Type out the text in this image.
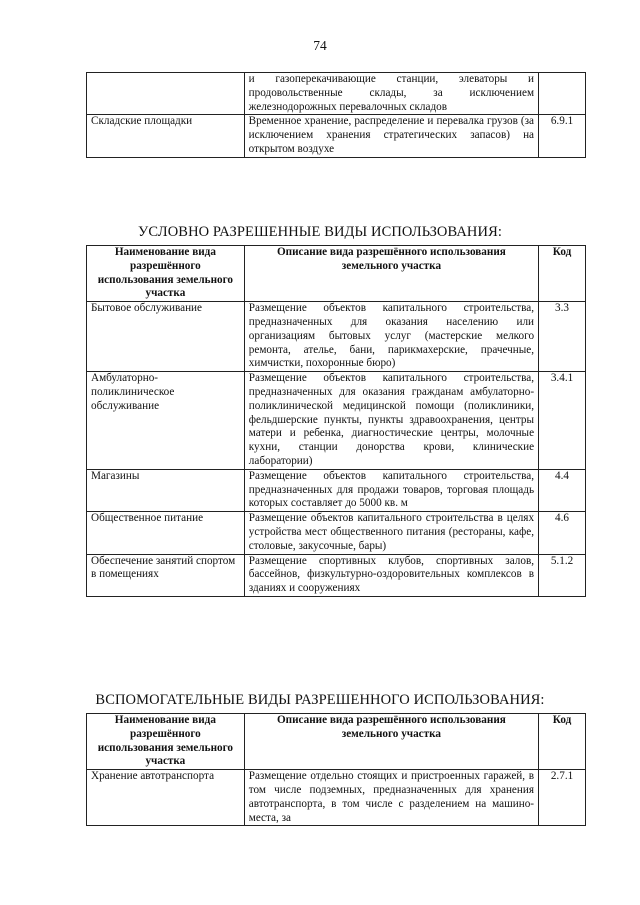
74
	и газоперекачивающие станции, элеваторы и продовольственные склады, за исключением железнодорожных перевалочных складов	
Складские площадки	Временное хранение, распределение и перевалка грузов (за исключением хранения стратегических запасов) на открытом воздухе	6.9.1
УСЛОВНО РАЗРЕШЕННЫЕ ВИДЫ ИСПОЛЬЗОВАНИЯ:
Наименование вида разрешённого использования земельного участка	Описание вида разрешённого использования земельного участка	Код
Бытовое обслуживание	Размещение объектов капитального строительства, предназначенных для оказания населению или организациям бытовых услуг (мастерские мелкого ремонта, ателье, бани, парикмахерские, прачечные, химчистки, похоронные бюро)	3.3
Амбулаторно-поликлиническое обслуживание	Размещение объектов капитального строительства, предназначенных для оказания гражданам амбулаторно-поликлинической медицинской помощи (поликлиники, фельдшерские пункты, пункты здравоохранения, центры матери и ребенка, диагностические центры, молочные кухни, станции донорства крови, клинические лаборатории)	3.4.1
Магазины	Размещение объектов капитального строительства, предназначенных для продажи товаров, торговая площадь которых составляет до 5000 кв. м	4.4
Общественное питание	Размещение объектов капитального строительства в целях устройства мест общественного питания (рестораны, кафе, столовые, закусочные, бары)	4.6
Обеспечение занятий спортом в помещениях	Размещение спортивных клубов, спортивных залов, бассейнов, физкультурно-оздоровительных комплексов в зданиях и сооружениях	5.1.2
ВСПОМОГАТЕЛЬНЫЕ ВИДЫ РАЗРЕШЕННОГО ИСПОЛЬЗОВАНИЯ:
Наименование вида разрешённого использования земельного участка	Описание вида разрешённого использования земельного участка	Код
Хранение автотранспорта	Размещение отдельно стоящих и пристроенных гаражей, в том числе подземных, предназначенных для хранения автотранспорта, в том числе с разделением на машино-места, за	2.7.1
